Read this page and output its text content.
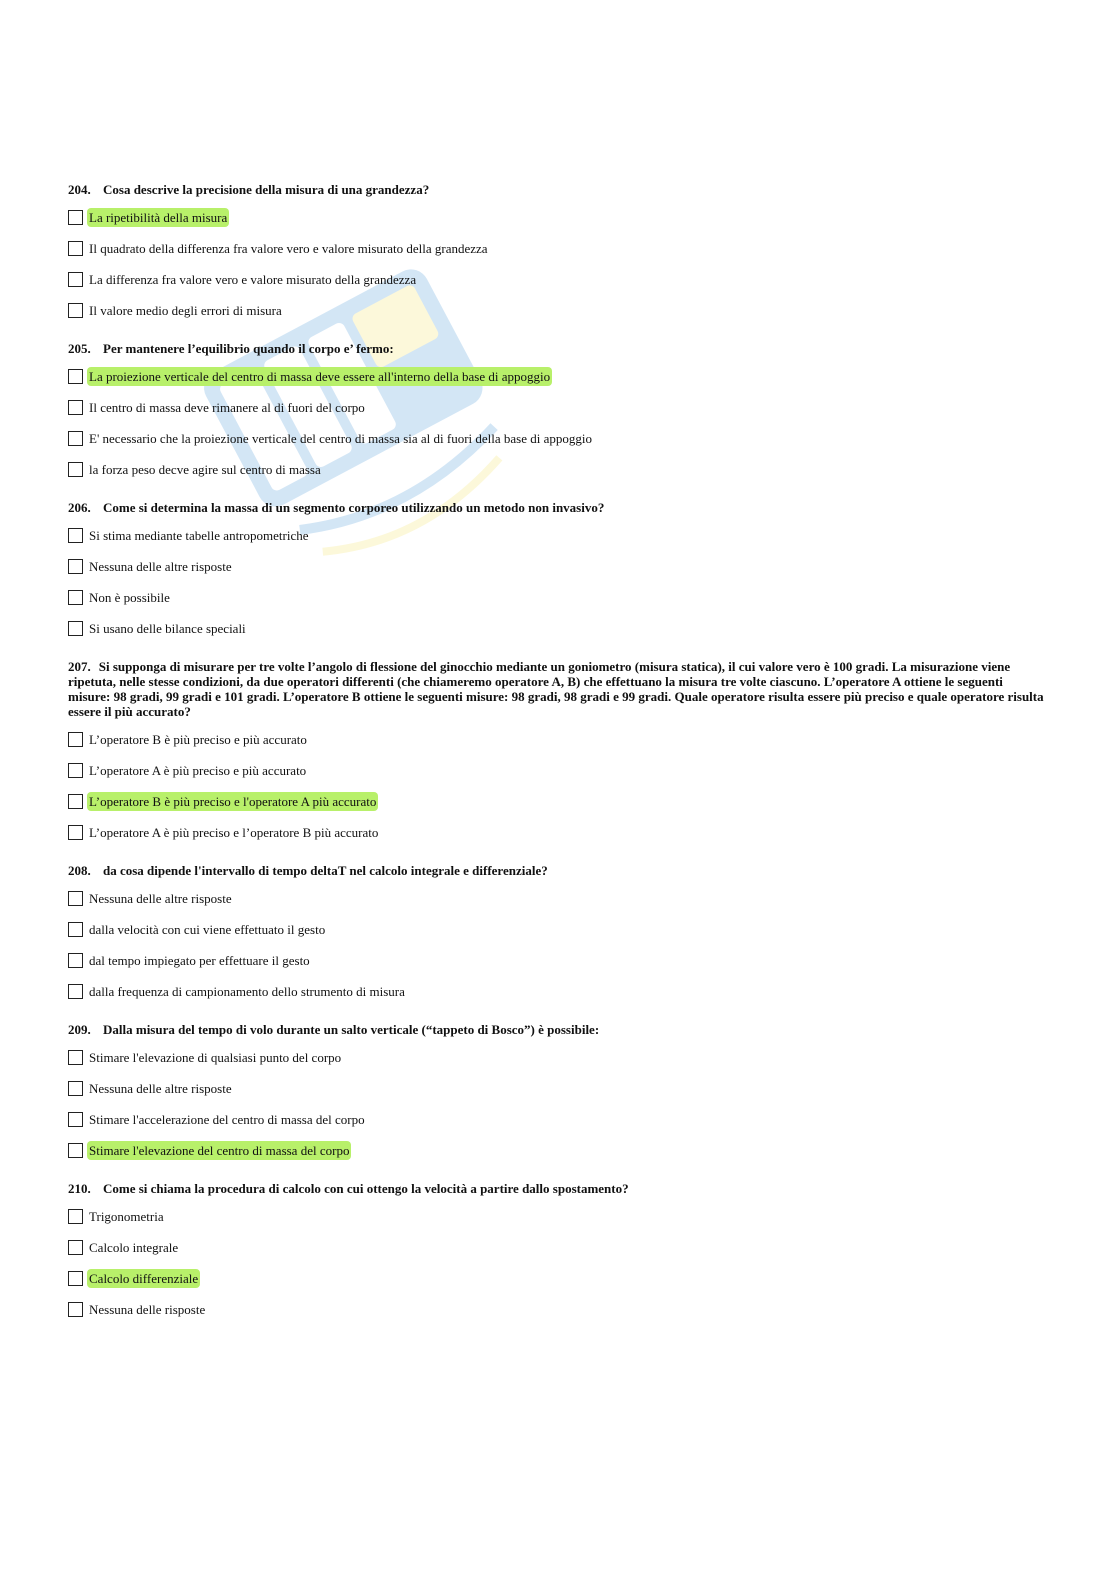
204. Cosa descrive la precisione della misura di una grandezza?
La ripetibilità della misura
Il quadrato della differenza fra valore vero e valore misurato della grandezza
La differenza fra valore vero e valore misurato della grandezza
Il valore medio degli errori di misura
205. Per mantenere l’equilibrio quando il corpo e’ fermo:
La proiezione verticale del centro di massa deve essere all'interno della base di appoggio
Il centro di massa deve rimanere al di fuori del corpo
E' necessario che la proiezione verticale del centro di massa sia al di fuori della base di appoggio
la forza peso decve agire sul centro di massa
206. Come si determina la massa di un segmento corporeo utilizzando un metodo non invasivo?
Si stima mediante tabelle antropometriche
Nessuna delle altre risposte
Non è possibile
Si usano delle bilance speciali
207. Si supponga di misurare per tre volte l’angolo di flessione del ginocchio mediante un goniometro (misura statica), il cui valore vero è 100 gradi. La misurazione viene ripetuta, nelle stesse condizioni, da due operatori differenti (che chiameremo operatore A, B) che effettuano la misura tre volte ciascuno. L’operatore A ottiene le seguenti misure: 98 gradi, 99 gradi e 101 gradi. L’operatore B ottiene le seguenti misure: 98 gradi, 98 gradi e 99 gradi. Quale operatore risulta essere più preciso e quale operatore risulta essere il più accurato?
L’operatore B è più preciso e più accurato
L’operatore A è più preciso e più accurato
L’operatore B è più preciso e l'operatore A più accurato
L’operatore A è più preciso e l’operatore B più accurato
208. da cosa dipende l'intervallo di tempo deltaT nel calcolo integrale e differenziale?
Nessuna delle altre risposte
dalla velocità con cui viene effettuato il gesto
dal tempo impiegato per effettuare il gesto
dalla frequenza di campionamento dello strumento di misura
209. Dalla misura del tempo di volo durante un salto verticale (“tappeto di Bosco”) è possibile:
Stimare l'elevazione di qualsiasi punto del corpo
Nessuna delle altre risposte
Stimare l'accelerazione del centro di massa del corpo
Stimare l'elevazione del centro di massa del corpo
210. Come si chiama la procedura di calcolo con cui ottengo la velocità a partire dallo spostamento?
Trigonometria
Calcolo integrale
Calcolo differenziale
Nessuna delle risposte
